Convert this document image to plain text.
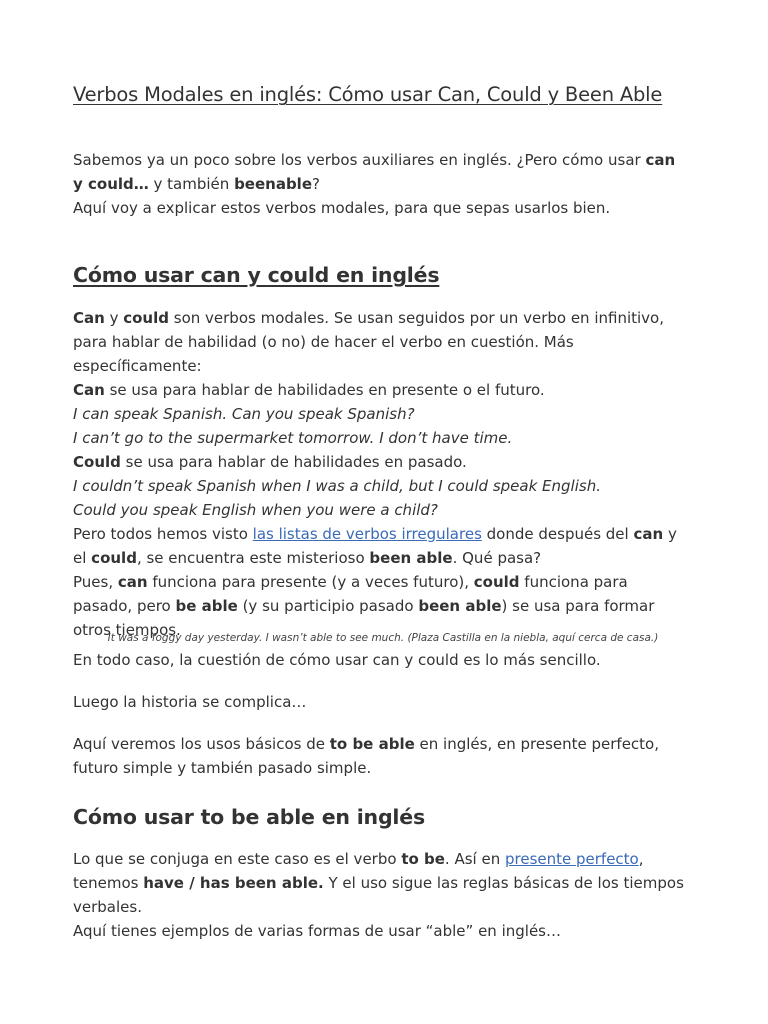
Verbos Modales en inglés: Cómo usar Can, Could y Been Able

Sabemos ya un poco sobre los verbos auxiliares en inglés. ¿Pero cómo usar can
y could… y también beenable?
Aquí voy a explicar estos verbos modales, para que sepas usarlos bien.

Cómo usar can y could en inglés

Can y could son verbos modales. Se usan seguidos por un verbo en infinitivo, para hablar de habilidad (o no) de hacer el verbo en cuestión. Más específicamente:
Can se usa para hablar de habilidades en presente o el futuro.
I can speak Spanish. Can you speak Spanish?
I can’t go to the supermarket tomorrow. I don’t have time.
Could se usa para hablar de habilidades en pasado.
I couldn’t speak Spanish when I was a child, but I could speak English.
Could you speak English when you were a child?
Pero todos hemos visto las listas de verbos irregulares donde después del can y el could, se encuentra este misterioso been able. Qué pasa?
Pues, can funciona para presente (y a veces futuro), could funciona para pasado, pero be able (y su participio pasado been able) se usa para formar otros tiempos.

It was a foggy day yesterday. I wasn’t able to see much. (Plaza Castilla en la niebla, aquí cerca de casa.)

En todo caso, la cuestión de cómo usar can y could es lo más sencillo.

Luego la historia se complica…

Aquí veremos los usos básicos de to be able en inglés, en presente perfecto, futuro simple y también pasado simple.

Cómo usar to be able en inglés

Lo que se conjuga en este caso es el verbo to be. Así en presente perfecto, tenemos have / has been able. Y el uso sigue las reglas básicas de los tiempos verbales.
Aquí tienes ejemplos de varias formas de usar “able” en inglés…
